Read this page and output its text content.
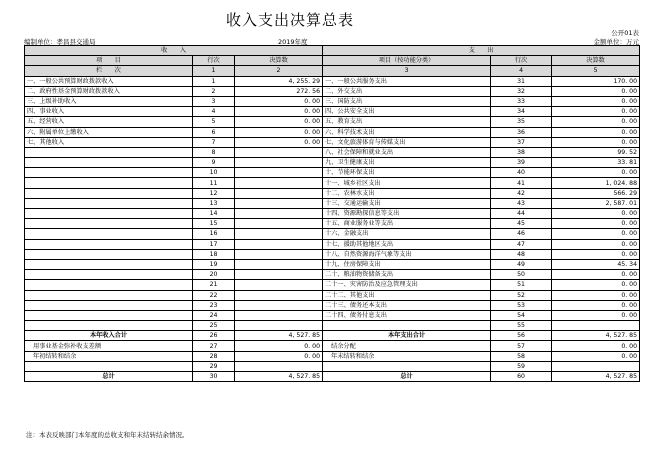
收入支出决算总表
公开01表
编制单位：孝昌县交通局	2019年度	金额单位：万元
收　　入			支　　出		
项　　目	行次	决算数	项目（按功能分类）	行次	决算数
栏　　次	1	2	3	4	5
一、一般公共预算财政拨款收入	1	4, 255. 29	一、一般公共服务支出	31	170. 00
二、政府性基金预算财政拨款收入	2	272. 56	二、外交支出	32	0. 00
三、上级补助收入	3	0. 00	三、国防支出	33	0. 00
四、事业收入	4	0. 00	四、公共安全支出	34	0. 00
五、经营收入	5	0. 00	五、教育支出	35	0. 00
六、附属单位上缴收入	6	0. 00	六、科学技术支出	36	0. 00
七、其他收入	7	0. 00	七、文化旅游体育与传媒支出	37	0. 00
	8		八、社会保障和就业支出	38	99. 52
	9		九、卫生健康支出	39	33. 81
	10		十、节能环保支出	40	0. 00
	11		十一、城乡社区支出	41	1, 024. 88
	12		十二、农林水支出	42	566. 29
	13		十三、交通运输支出	43	2, 587. 01
	14		十四、资源勘探信息等支出	44	0. 00
	15		十五、商业服务业等支出	45	0. 00
	16		十六、金融支出	46	0. 00
	17		十七、援助其他地区支出	47	0. 00
	18		十八、自然资源海洋气象等支出	48	0. 00
	19		十九、住房保障支出	49	45. 34
	20		二十、粮油物资储备支出	50	0. 00
	21		二十一、灾害防治及应急管理支出	51	0. 00
	22		二十二、其他支出	52	0. 00
	23		二十三、债务还本支出	53	0. 00
	24		二十四、债务付息支出	54	0. 00
	25			55	
本年收入合计	26	4, 527. 85	本年支出合计	56	4, 527. 85
用事业基金弥补收支差额	27	0. 00	结余分配	57	0. 00
年初结转和结余	28	0. 00	年末结转和结余	58	0. 00
	29			59	
总计	30	4, 527. 85	总计	60	4, 527. 85
注：本表反映部门本年度的总收支和年末结转结余情况。
